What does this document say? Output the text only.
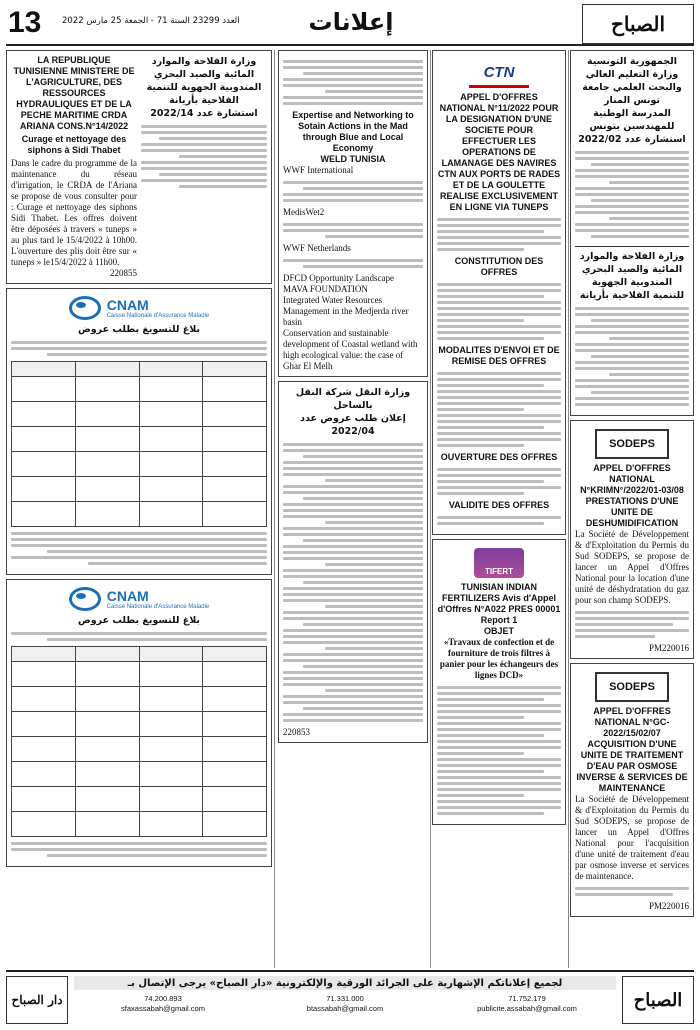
13 العدد 23299 السنة 71 - الجمعة 25 مارس 2022	إعلانات	الصباح
LA REPUBLIQUE TUNISIENNE MINISTERE DE L'AGRICULTURE, DES RESSOURCES HYDRAULIQUES ET DE LA PECHE MARITIME CRDA ARIANA CONS.N°14/2022
Curage et nettoyage des siphons à Sidi Thabet
Dans le cadre du programme de la maintenance du réseau d'irrigation, le CRDA de l'Ariana se propose de vous consulter pour : Curage et nettoyage des siphons Sidi Thabet. Les offres doivent être déposées à travers « tuneps » au plus tard le 15/4/2022 à 10h00. L'ouverture des plis doit être sur « tuneps » le15/4/2022 à 11h00.
220855
وزارة الفلاحة والموارد المائية والصيد البحري المندوبية الجهوية للتنمية الفلاحية بأريانة
استشارة عدد 2022/14
CNAM
Caisse Nationale d'Assurance Maladie
بلاغ للتسويغ بطلب عروض

CNAM
Caisse Nationale d'Assurance Maladie
بلاغ للتسويغ بطلب عروض

Expertise and Networking to Sotain Actions in the Mad through Blue and Local Economy
WELD TUNISIA
WWF International
MedisWet2
WWF Netherlands
DFCD Opportunity Landscape
MAVA FOUNDATION
Integrated Water Resources Management in the Medjerda river basin
Conservation and sustainable development of Coastal wetland with high ecological value: the case of Ghar El Melh
وزارة النقل شركة النقل بالساحل
إعلان طلب عروض عدد 2022/04
220853
CTN
APPEL D'OFFRES NATIONAL N°11/2022 POUR LA DESIGNATION D'UNE SOCIETE POUR EFFECTUER LES OPERATIONS DE LAMANAGE DES NAVIRES CTN AUX PORTS DE RADES ET DE LA GOULETTE REALISE EXCLUSIVEMENT EN LIGNE VIA TUNEPS
CONSTITUTION DES OFFRES
MODALITES D'ENVOI ET DE REMISE DES OFFRES
OUVERTURE DES OFFRES
VALIDITE DES OFFRES
TIFERT
TUNISIAN INDIAN FERTILIZERS Avis d'Appel d'Offres N°A022 PRES 00001
Report 1
OBJET
«Travaux de confection et de fourniture de trois filtres à panier pour les échangeurs des lignes DCD»
الجمهورية التونسية وزارة التعليم العالي والبحث العلمي جامعة تونس المنار
المدرسة الوطنية للمهندسين بتونس استشارة عدد 2022/02
وزارة الفلاحة والموارد المائية والصيد البحري المندوبية الجهوية للتنمية الفلاحية بأريانة
SODEPS
APPEL D'OFFRES NATIONAL N°KRIMN°/2022/01-03/08 PRESTATIONS D'UNE UNITE DE DESHUMIDIFICATION
La Société de Développement & d'Exploitation du Permis du Sud SODEPS, se propose de lancer un Appel d'Offres National pour la location d'une unité de déshydratation du gaz pour son champ SODEPS.
PM220016
SODEPS
APPEL D'OFFRES NATIONAL N°GC-2022/15/02/07 ACQUISITION D'UNE UNITE DE TRAITEMENT D'EAU PAR OSMOSE INVERSE & SERVICES DE MAINTENANCE
La Société de Développement & d'Exploitation du Permis du Sud SODEPS, se propose de lancer un Appel d'Offres National pour l'acquisition d'une unité de traitement d'eau par osmose inverse et services de maintenance.
PM220016
دار الصباح
لجميع إعلاناتكم الإشهارية على الجرائد الورقية والإلكترونية «دار الصباح» يرجى الإتصال بـ
74.200.893
sfaxassabah@gmail.com
71.331.000
btassabah@gmail.com
71.752.179
publicite.assabah@gmail.com	الصباح
